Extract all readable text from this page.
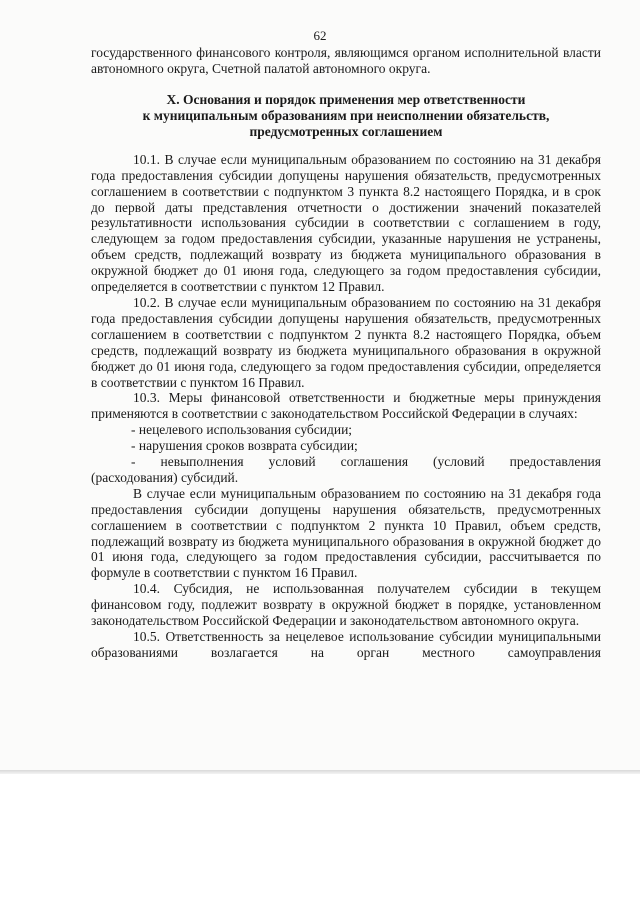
62

государственного финансового контроля, являющимся органом исполнительной власти автономного округа, Счетной палатой автономного округа.

X. Основания и порядок применения мер ответственности
к муниципальным образованиям при неисполнении обязательств,
предусмотренных соглашением

10.1. В случае если муниципальным образованием по состоянию на 31 декабря года предоставления субсидии допущены нарушения обязательств, предусмотренных соглашением в соответствии с подпунктом 3 пункта 8.2 настоящего Порядка, и в срок до первой даты представления отчетности о достижении значений показателей результативности использования субсидии в соответствии с соглашением в году, следующем за годом предоставления субсидии, указанные нарушения не устранены, объем средств, подлежащий возврату из бюджета муниципального образования в окружной бюджет до 01 июня года, следующего за годом предоставления субсидии, определяется в соответствии с пунктом 12 Правил.

10.2. В случае если муниципальным образованием по состоянию на 31 декабря года предоставления субсидии допущены нарушения обязательств, предусмотренных соглашением в соответствии с подпунктом 2 пункта 8.2 настоящего Порядка, объем средств, подлежащий возврату из бюджета муниципального образования в окружной бюджет до 01 июня года, следующего за годом предоставления субсидии, определяется в соответствии с пунктом 16 Правил.

10.3. Меры финансовой ответственности и бюджетные меры принуждения применяются в соответствии с законодательством Российской Федерации в случаях:

- нецелевого использования субсидии;

- нарушения сроков возврата субсидии;

- невыполнения условий соглашения (условий предоставления

(расходования) субсидий.

В случае если муниципальным образованием по состоянию на 31 декабря года предоставления субсидии допущены нарушения обязательств, предусмотренных соглашением в соответствии с подпунктом 2 пункта 10 Правил, объем средств, подлежащий возврату из бюджета муниципального образования в окружной бюджет до 01 июня года, следующего за годом предоставления субсидии, рассчитывается по формуле в соответствии с пунктом 16 Правил.

10.4. Субсидия, не использованная получателем субсидии в текущем финансовом году, подлежит возврату в окружной бюджет в порядке, установленном законодательством Российской Федерации и законодательством автономного округа.

10.5. Ответственность за нецелевое использование субсидии муниципальными образованиями возлагается на орган местного самоуправления
